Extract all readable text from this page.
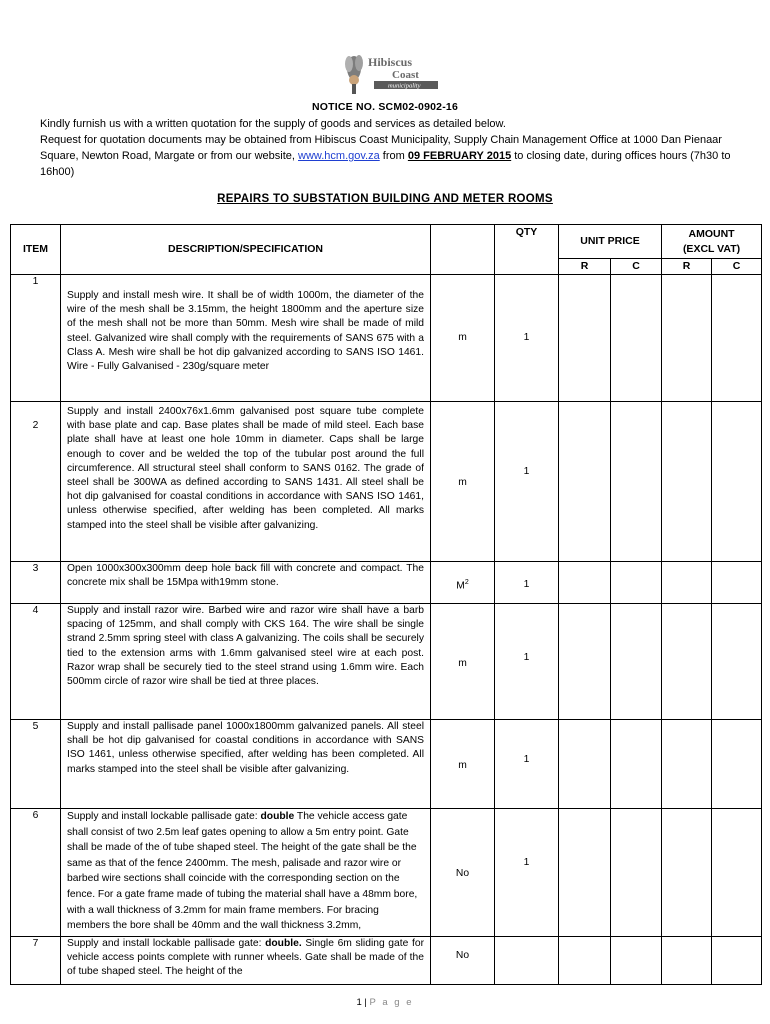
Hibiscus
Coast
municipality
NOTICE NO. SCM02-0902-16

Kindly furnish us with a written quotation for the supply of goods and services as detailed below.

Request for quotation documents may be obtained from Hibiscus Coast Municipality, Supply Chain Management Office at 1000 Dan Pienaar Square, Newton Road, Margate or from our website, www.hcm.gov.za from 09 FEBRUARY 2015 to closing date, during offices hours (7h30 to 16h00)

REPAIRS TO SUBSTATION BUILDING AND METER ROOMS
ITEM	DESCRIPTION/SPECIFICATION		QTY	UNIT PRICE		AMOUNT
(EXCL VAT)	

				R	C	R	C
1	Supply and install mesh wire. It shall be of width 1000m, the diameter of the wire of the mesh shall be 3.15mm, the height 1800mm and the aperture size of the mesh shall not be more than 50mm. Mesh wire shall be made of mild steel. Galvanized wire shall comply with the requirements of SANS 675 with a Class A. Mesh wire shall be hot dip galvanized according to SANS ISO 1461. Wire - Fully Galvanised - 230g/square meter	m	1				

2	Supply and install 2400x76x1.6mm galvanised post square tube complete with base plate and cap. Base plates shall be made of mild steel. Each base plate shall have at least one hole 10mm in diameter. Caps shall be large enough to cover and be welded the top of the tubular post around the full circumference. All structural steel shall conform to SANS 0162. The grade of steel shall be 300WA as defined according to SANS 1431. All steel shall be hot dip galvanised for coastal conditions in accordance with SANS ISO 1461, unless otherwise specified, after welding has been completed. All marks stamped into the steel shall be visible after galvanizing.	m	1				

3	Open 1000x300x300mm deep hole back fill with concrete and compact. The concrete mix shall be 15Mpa with19mm stone.	$M^2$	1				

4	Supply and install razor wire. Barbed wire and razor wire shall have a barb spacing of 125mm, and shall comply with CKS 164. The wire shall be single strand 2.5mm spring steel with class A galvanizing. The coils shall be securely tied to the extension arms with 1.6mm galvanised steel wire at each post. Razor wrap shall be securely tied to the steel strand using 1.6mm wire. Each 500mm circle of razor wire shall be tied at three places.	m	1				

5	Supply and install pallisade panel 1000x1800mm galvanized panels. All steel shall be hot dip galvanised for coastal conditions in accordance with SANS ISO 1461, unless otherwise specified, after welding has been completed. All marks stamped into the steel shall be visible after galvanizing.	m	1				

6	Supply and install lockable pallisade gate: double The vehicle access gate shall consist of two 2.5m leaf gates opening to allow a 5m entry point. Gate shall be made of the of tube shaped steel. The height of the gate shall be the same as that of the fence 2400mm. The mesh, palisade and razor wire or barbed wire sections shall coincide with the corresponding section on the fence. For a gate frame made of tubing the material shall have a 48mm bore, with a wall thickness of 3.2mm for main frame members. For bracing members the bore shall be 40mm and the wall thickness 3.2mm,	No	1				

7	Supply and install lockable pallisade gate: double. Single 6m sliding gate for vehicle access points complete with runner wheels. Gate shall be made of the of tube shaped steel. The height of the	No					

1 | P a g e
